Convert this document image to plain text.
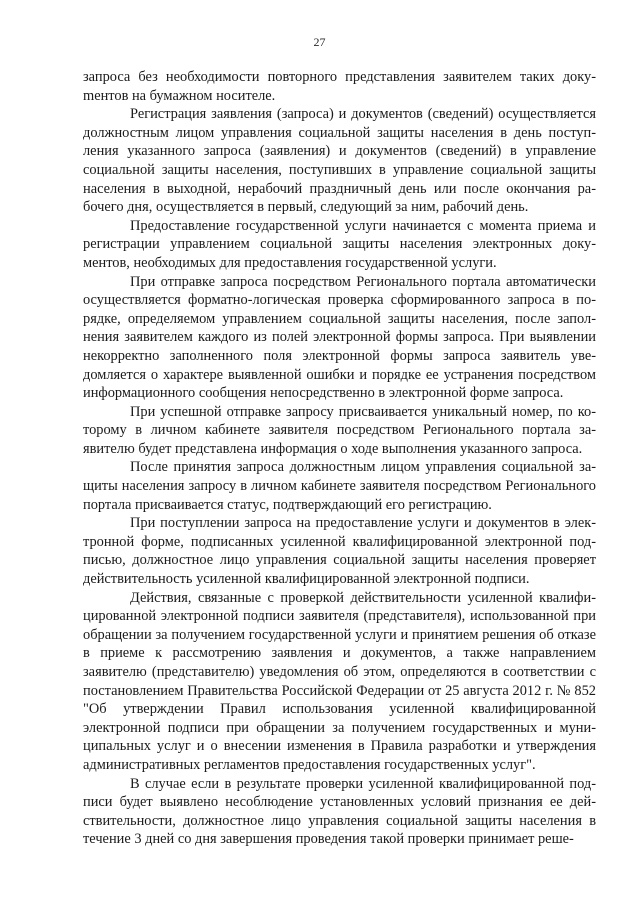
27

запроса без необходимости повторного представления заявителем таких докуmентов на бумажном носителе.

Регистрация заявления (запроса) и документов (сведений) осуществляется должностным лицом управления социальной защиты населения в день поступления указанного запроса (заявления) и документов (сведений) в управление социальной защиты населения, поступивших в управление социальной защиты населения в выходной, нерабочий праздничный день или после окончания рабочего дня, осуществляется в первый, следующий за ним, рабочий день.

Предоставление государственной услуги начинается с момента приема и регистрации управлением социальной защиты населения электронных документов, необходимых для предоставления государственной услуги.

При отправке запроса посредством Регионального портала автоматически осуществляется форматно-логическая проверка сформированного запроса в порядке, определяемом управлением социальной защиты населения, после заполнения заявителем каждого из полей электронной формы запроса. При выявлении некорректно заполненного поля электронной формы запроса заявитель уведомляется о характере выявленной ошибки и порядке ее устранения посредством информационного сообщения непосредственно в электронной форме запроса.

При успешной отправке запросу присваивается уникальный номер, по которому в личном кабинете заявителя посредством Регионального портала заявителю будет представлена информация о ходе выполнения указанного запроса.

После принятия запроса должностным лицом управления социальной защиты населения запросу в личном кабинете заявителя посредством Регионального портала присваивается статус, подтверждающий его регистрацию.

При поступлении запроса на предоставление услуги и документов в электронной форме, подписанных усиленной квалифицированной электронной подписью, должностное лицо управления социальной защиты населения проверяет действительность усиленной квалифицированной электронной подписи.

Действия, связанные с проверкой действительности усиленной квалифицированной электронной подписи заявителя (представителя), использованной при обращении за получением государственной услуги и принятием решения об отказе в приеме к рассмотрению заявления и документов, а также направлением заявителю (представителю) уведомления об этом, определяются в соответствии с постановлением Правительства Российской Федерации от 25 августа 2012 г. № 852 "Об утверждении Правил использования усиленной квалифицированной электронной подписи при обращении за получением государственных и муниципальных услуг и о внесении изменения в Правила разработки и утверждения административных регламентов предоставления государственных услуг".

В случае если в результате проверки усиленной квалифицированной подписи будет выявлено несоблюдение установленных условий признания ее действительности, должностное лицо управления социальной защиты населения в течение 3 дней со дня завершения проведения такой проверки принимает реше-
